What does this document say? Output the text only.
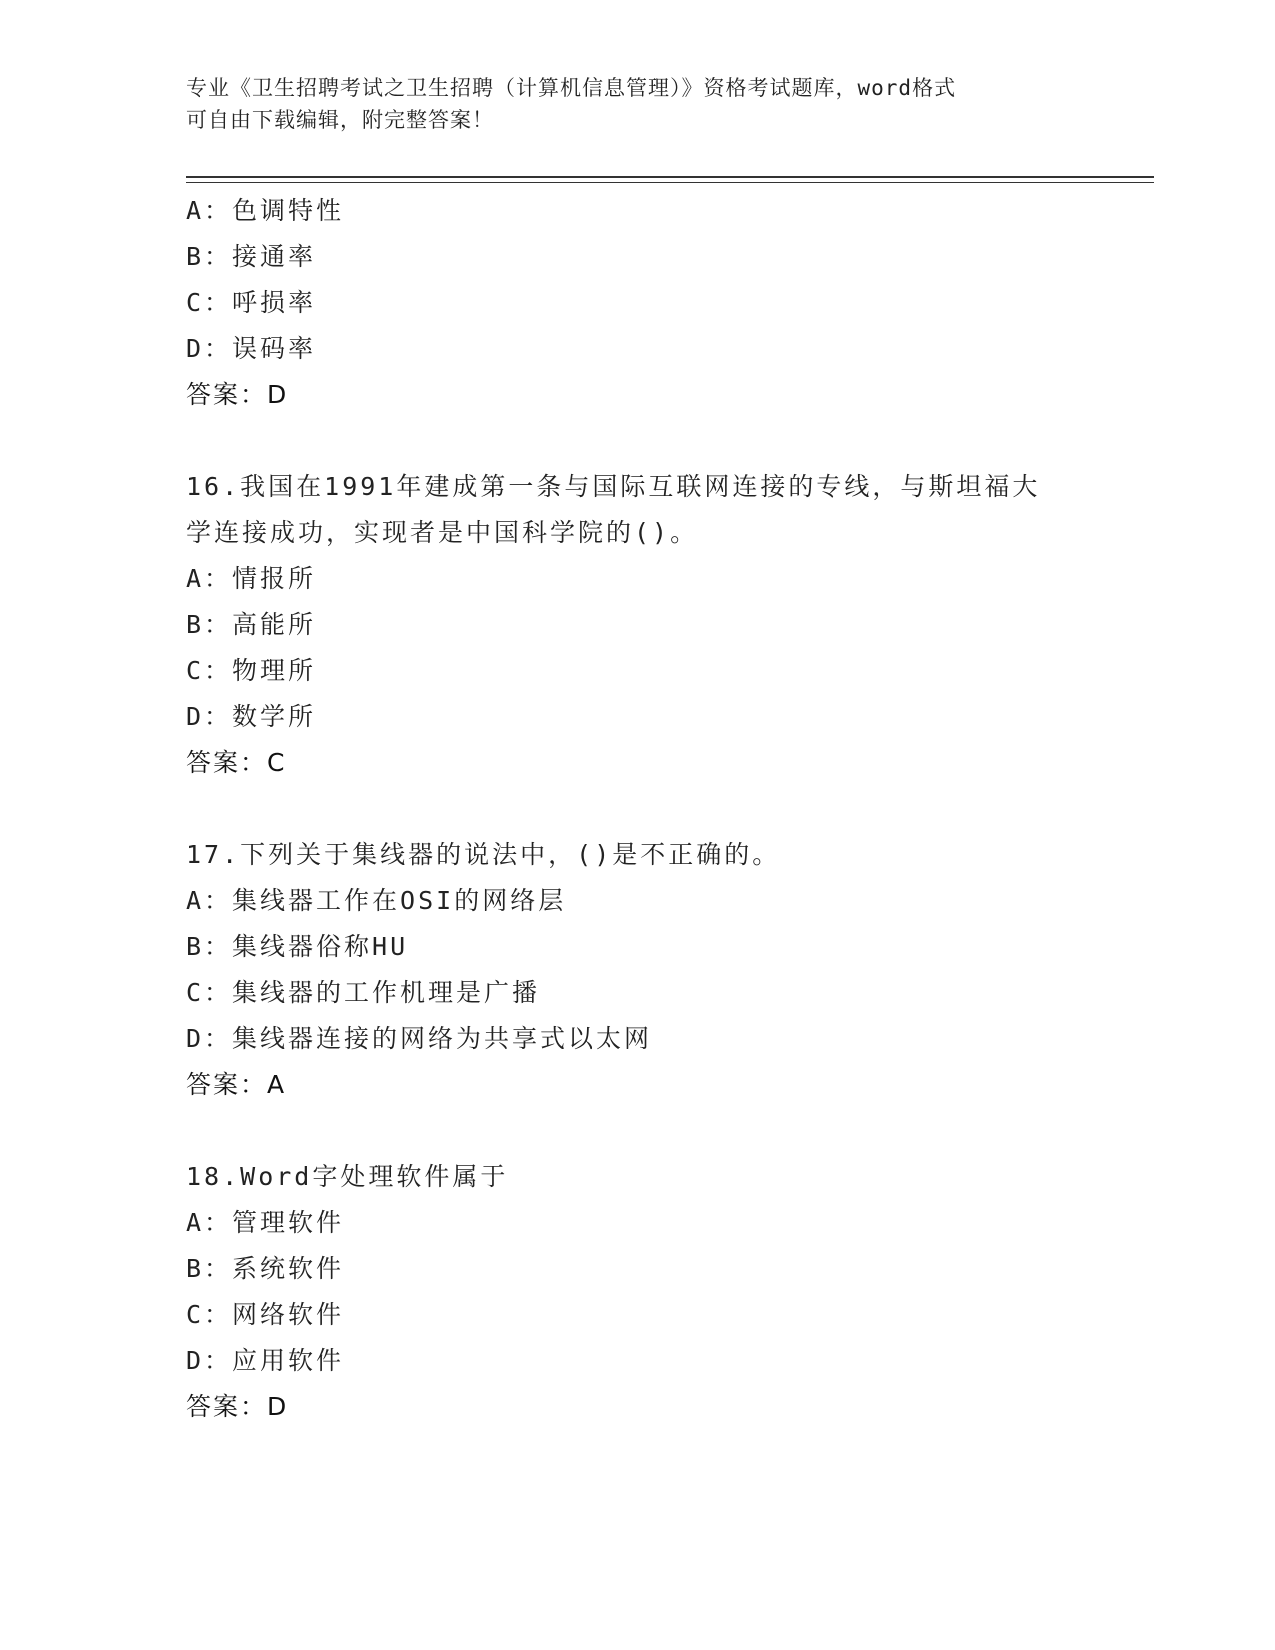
专业《卫生招聘考试之卫生招聘（计算机信息管理）》资格考试题库，word格式
可自由下载编辑，附完整答案！
A：色调特性
B：接通率
C：呼损率
D：误码率
答案：D
16.我国在1991年建成第一条与国际互联网连接的专线，与斯坦福大
学连接成功，实现者是中国科学院的()。
A：情报所
B：高能所
C：物理所
D：数学所
答案：C
17.下列关于集线器的说法中，()是不正确的。
A：集线器工作在OSI的网络层
B：集线器俗称HU
C：集线器的工作机理是广播
D：集线器连接的网络为共享式以太网
答案：A
18.Word字处理软件属于
A：管理软件
B：系统软件
C：网络软件
D：应用软件
答案：D
